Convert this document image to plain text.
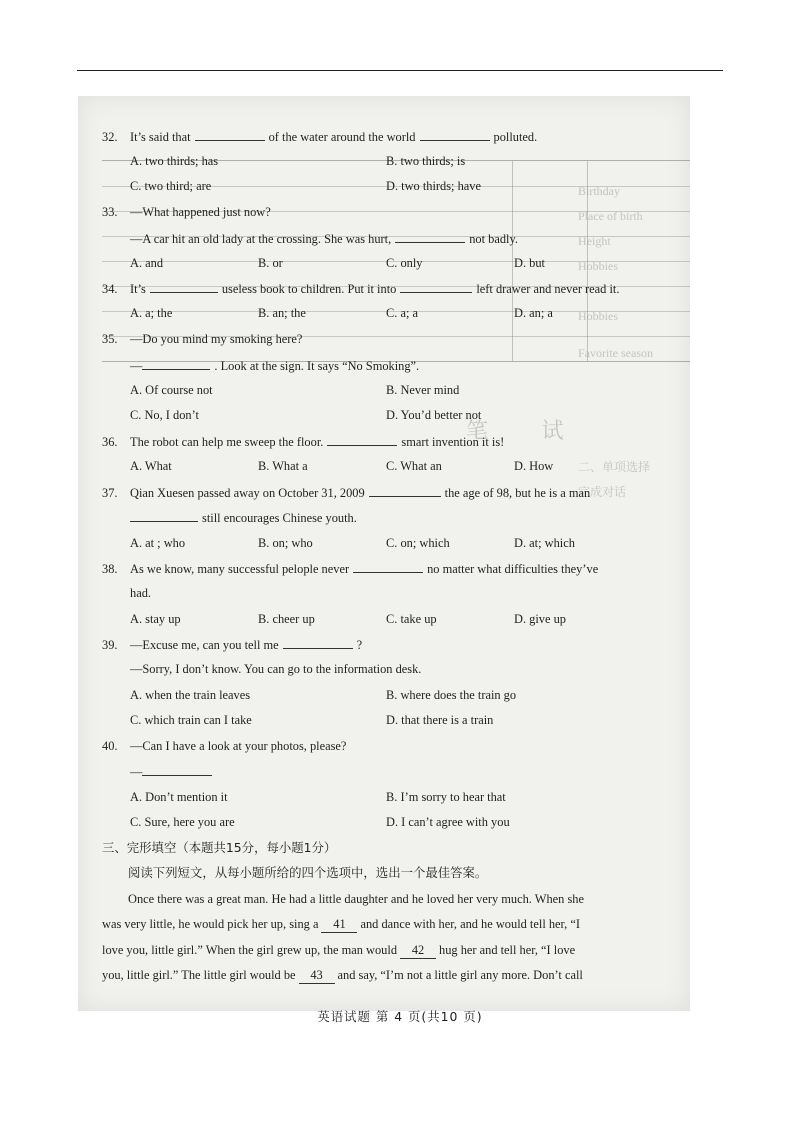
笔 试
Birthday
Place of birth
Height
Hobbies
Hobbies
Favorite season
二、单项选择
完成对话
32. It’s said that	of the water around the world	polluted.
A. two thirds; has	B. two thirds; is
C. two third; are	D. two thirds; have
33. —What happened just now?
—A car hit an old lady at the crossing. She was hurt,	not badly.
A. and	B. or	C. only	D. but
34. It’s	useless book to children. Put it into	left drawer and never read it.
A. a; the	B. an; the	C. a; a	D. an; a
35. —Do you mind my smoking here?
—	. Look at the sign. It says “No Smoking”.
A. Of course not	B. Never mind
C. No, I don’t	D. You’d better not
36. The robot can help me sweep the floor.	smart invention it is!
A. What	B. What a	C. What an	D. How
37. Qian Xuesen passed away on October 31, 2009	the age of 98, but he is a man
still encourages Chinese youth.
A. at ; who	B. on; who	C. on; which	D. at; which
38. As we know, many successful pelople never	no matter what difficulties they’ve
had.
A. stay up	B. cheer up	C. take up	D. give up
39. —Excuse me, can you tell me	?
—Sorry, I don’t know. You can go to the information desk.
A. when the train leaves	B. where does the train go
C. which train can I take	D. that there is a train
40. —Can I have a look at your photos, please?
—
A. Don’t mention it	B. I’m sorry to hear that
C. Sure, here you are	D. I can’t agree with you
三、完形填空（本题共15分，每小题1分）
阅读下列短文，从每小题所给的四个选项中，选出一个最佳答案。
Once there was a great man. He had a little daughter and he loved her very much. When she
was very little, he would pick her up, sing a 41 and dance with her, and he would tell her, “I
love you, little girl.” When the girl grew up, the man would 42 hug her and tell her, “I love
you, little girl.” The little girl would be 43 and say, “I’m not a little girl any more. Don’t call
英语试题 第 4 页(共10 页)
